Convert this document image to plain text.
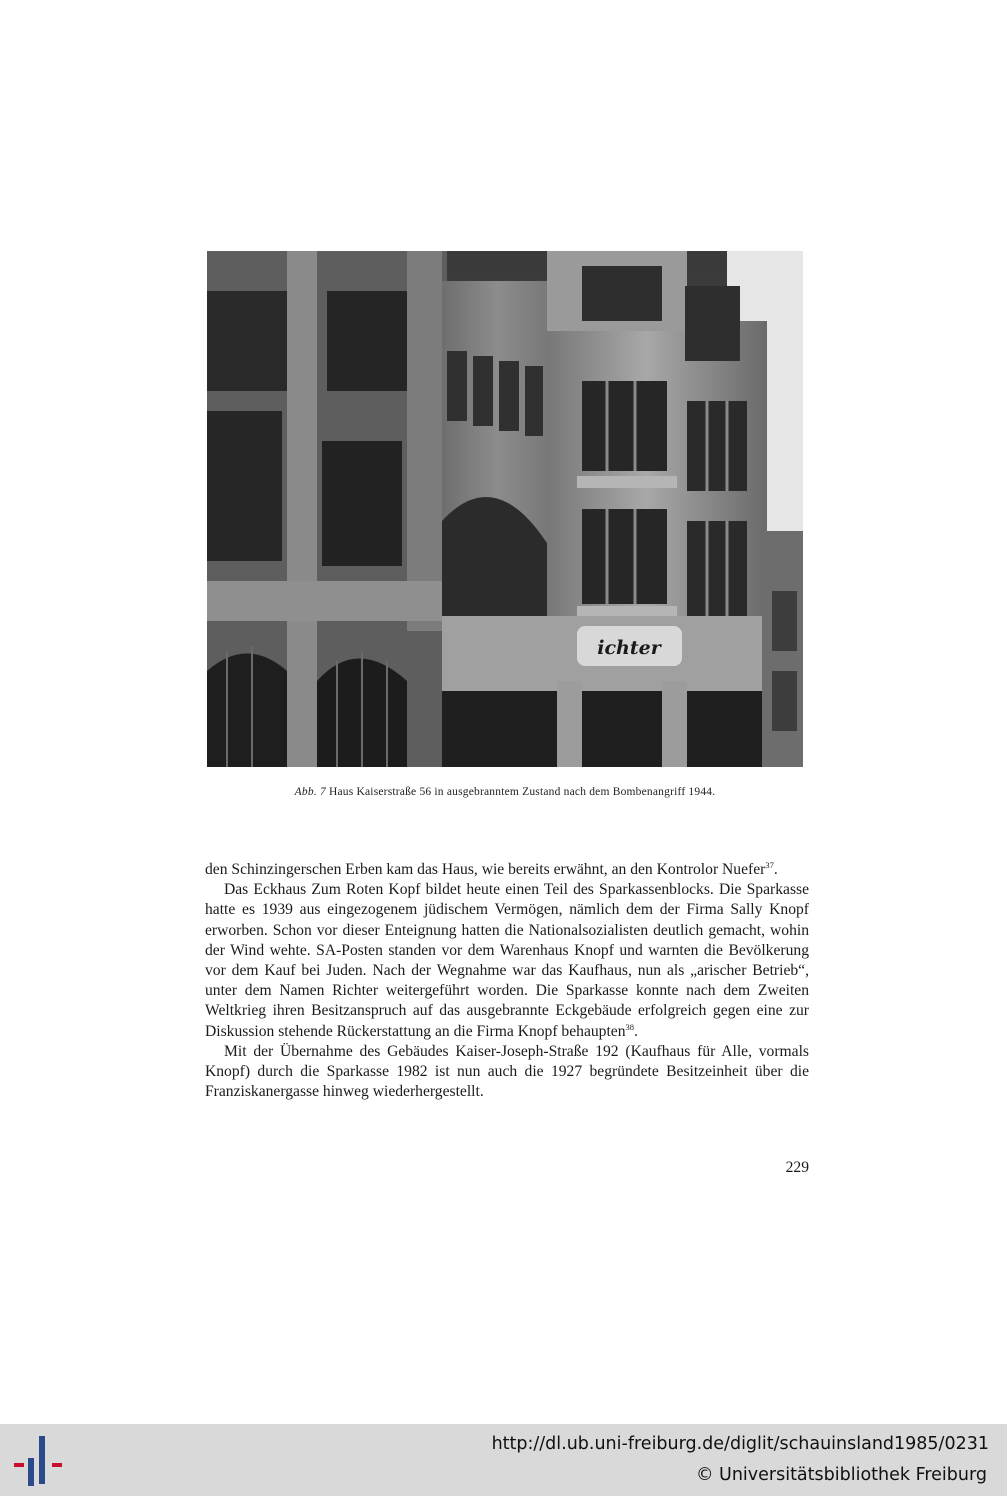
ichter
Abb. 7 Haus Kaiserstraße 56 in ausgebranntem Zustand nach dem Bombenangriff 1944.

den Schinzingerschen Erben kam das Haus, wie bereits erwähnt, an den Kontrolor Nuefer$^{37}$.

Das Eckhaus Zum Roten Kopf bildet heute einen Teil des Sparkassenblocks. Die Sparkasse hatte es 1939 aus eingezogenem jüdischem Vermögen, nämlich dem der Firma Sally Knopf erworben. Schon vor dieser Enteignung hatten die Nationalsozialisten deutlich gemacht, wohin der Wind wehte. SA-Posten standen vor dem Warenhaus Knopf und warnten die Bevölkerung vor dem Kauf bei Juden. Nach der Wegnahme war das Kaufhaus, nun als „arischer Betrieb“, unter dem Namen Richter weitergeführt worden. Die Sparkasse konnte nach dem Zweiten Weltkrieg ihren Besitzanspruch auf das ausgebrannte Eckgebäude erfolgreich gegen eine zur Diskussion stehende Rückerstattung an die Firma Knopf behaupten$^{38}$.

Mit der Übernahme des Gebäudes Kaiser-Joseph-Straße 192 (Kaufhaus für Alle, vormals Knopf) durch die Sparkasse 1982 ist nun auch die 1927 begründete Besitzeinheit über die Franziskanergasse hinweg wiederhergestellt.

229
http://dl.ub.uni-freiburg.de/diglit/schauinsland1985/0231
© Universitätsbibliothek Freiburg
